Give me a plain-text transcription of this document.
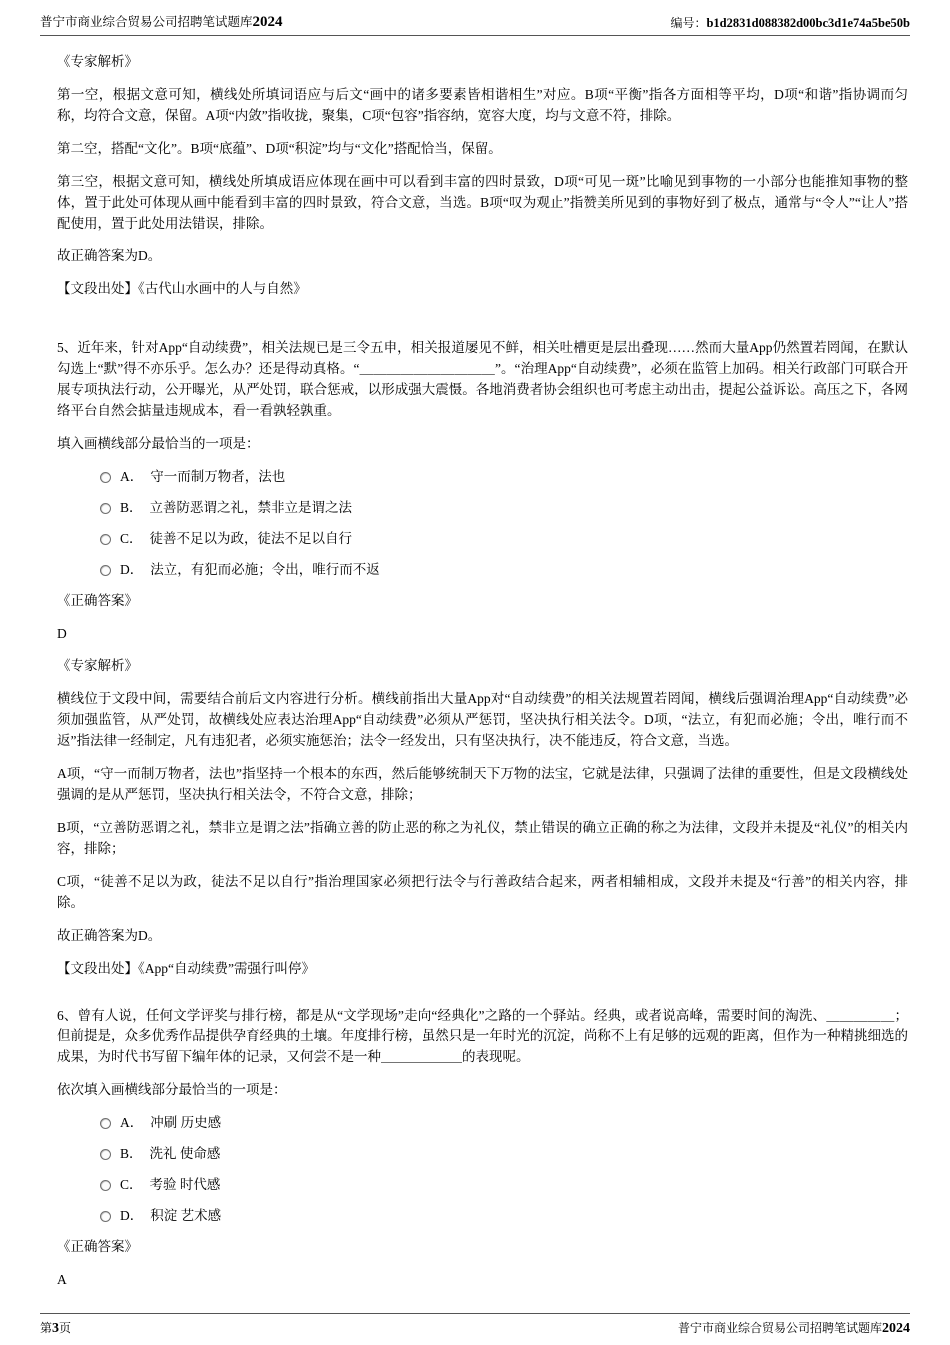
普宁市商业综合贸易公司招聘笔试题库2024	编号：b1d2831d088382d00bc3d1e74a5be50b

《专家解析》

第一空，根据文意可知，横线处所填词语应与后文“画中的诸多要素皆相谐相生”对应。B项“平衡”指各方面相等平均，D项“和谐”指协调而匀称，均符合文意，保留。A项“内敛”指收拢，聚集，C项“包容”指容纳，宽容大度，均与文意不符，排除。

第二空，搭配“文化”。B项“底蕴”、D项“积淀”均与“文化”搭配恰当，保留。

第三空，根据文意可知，横线处所填成语应体现在画中可以看到丰富的四时景致，D项“可见一斑”比喻见到事物的一小部分也能推知事物的整体，置于此处可体现从画中能看到丰富的四时景致，符合文意，当选。B项“叹为观止”指赞美所见到的事物好到了极点，通常与“令人”“让人”搭配使用，置于此处用法错误，排除。

故正确答案为D。

【文段出处】《古代山水画中的人与自然》

5、近年来，针对App“自动续费”，相关法规已是三令五申，相关报道屡见不鲜，相关吐槽更是层出叠现……然而大量App仍然置若罔闻，在默认勾选上“默”得不亦乐乎。怎么办？还是得动真格。“＿＿＿＿＿＿＿＿＿＿”。“治理App“自动续费”，必须在监管上加码。相关行政部门可联合开展专项执法行动，公开曝光，从严处罚，联合惩戒，以形成强大震慑。各地消费者协会组织也可考虑主动出击，提起公益诉讼。高压之下，各网络平台自然会掂量违规成本，看一看孰轻孰重。

填入画横线部分最恰当的一项是：

A． 守一而制万物者，法也
B． 立善防恶谓之礼，禁非立是谓之法
C． 徒善不足以为政，徒法不足以自行
D． 法立，有犯而必施；令出，唯行而不返

《正确答案》

D

《专家解析》

横线位于文段中间，需要结合前后文内容进行分析。横线前指出大量App对“自动续费”的相关法规置若罔闻，横线后强调治理App“自动续费”必须加强监管，从严处罚，故横线处应表达治理App“自动续费”必须从严惩罚，坚决执行相关法令。D项，“法立，有犯而必施；令出，唯行而不返”指法律一经制定，凡有违犯者，必须实施惩治；法令一经发出，只有坚决执行，决不能违反，符合文意，当选。

A项，“守一而制万物者，法也”指坚持一个根本的东西，然后能够统制天下万物的法宝，它就是法律，只强调了法律的重要性，但是文段横线处强调的是从严惩罚，坚决执行相关法令，不符合文意，排除；

B项，“立善防恶谓之礼，禁非立是谓之法”指确立善的防止恶的称之为礼仪，禁止错误的确立正确的称之为法律，文段并未提及“礼仪”的相关内容，排除；

C项，“徒善不足以为政，徒法不足以自行”指治理国家必须把行法令与行善政结合起来，两者相辅相成，文段并未提及“行善”的相关内容，排除。

故正确答案为D。

【文段出处】《App“自动续费”需强行叫停》

6、曾有人说，任何文学评奖与排行榜，都是从“文学现场”走向“经典化”之路的一个驿站。经典，或者说高峰，需要时间的淘洗、＿＿＿＿＿；但前提是，众多优秀作品提供孕育经典的土壤。年度排行榜，虽然只是一年时光的沉淀，尚称不上有足够的远观的距离，但作为一种精挑细选的成果，为时代书写留下编年体的记录，又何尝不是一种＿＿＿＿＿＿的表现呢。

依次填入画横线部分最恰当的一项是：

A． 冲刷 历史感
B． 洗礼 使命感
C． 考验 时代感
D． 积淀 艺术感

《正确答案》

A

第3页	普宁市商业综合贸易公司招聘笔试题库2024
